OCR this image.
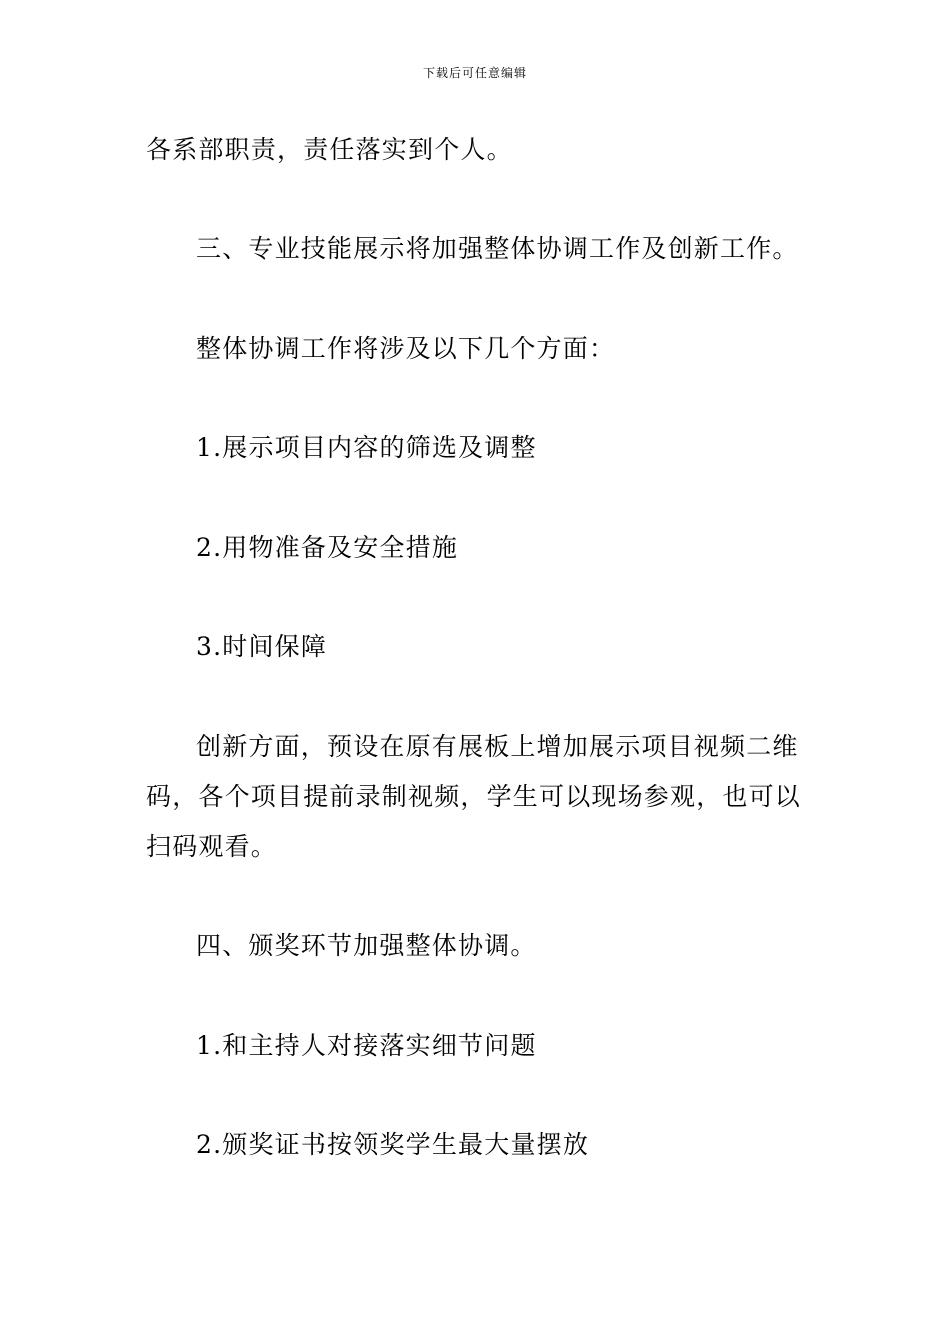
下载后可任意编辑
各系部职责，责任落实到个人。
三、专业技能展示将加强整体协调工作及创新工作。
整体协调工作将涉及以下几个方面：
1.展示项目内容的筛选及调整
2.用物准备及安全措施
3.时间保障
创新方面，预设在原有展板上增加展示项目视频二维
码，各个项目提前录制视频，学生可以现场参观，也可以
扫码观看。
四、颁奖环节加强整体协调。
1.和主持人对接落实细节问题
2.颁奖证书按领奖学生最大量摆放
